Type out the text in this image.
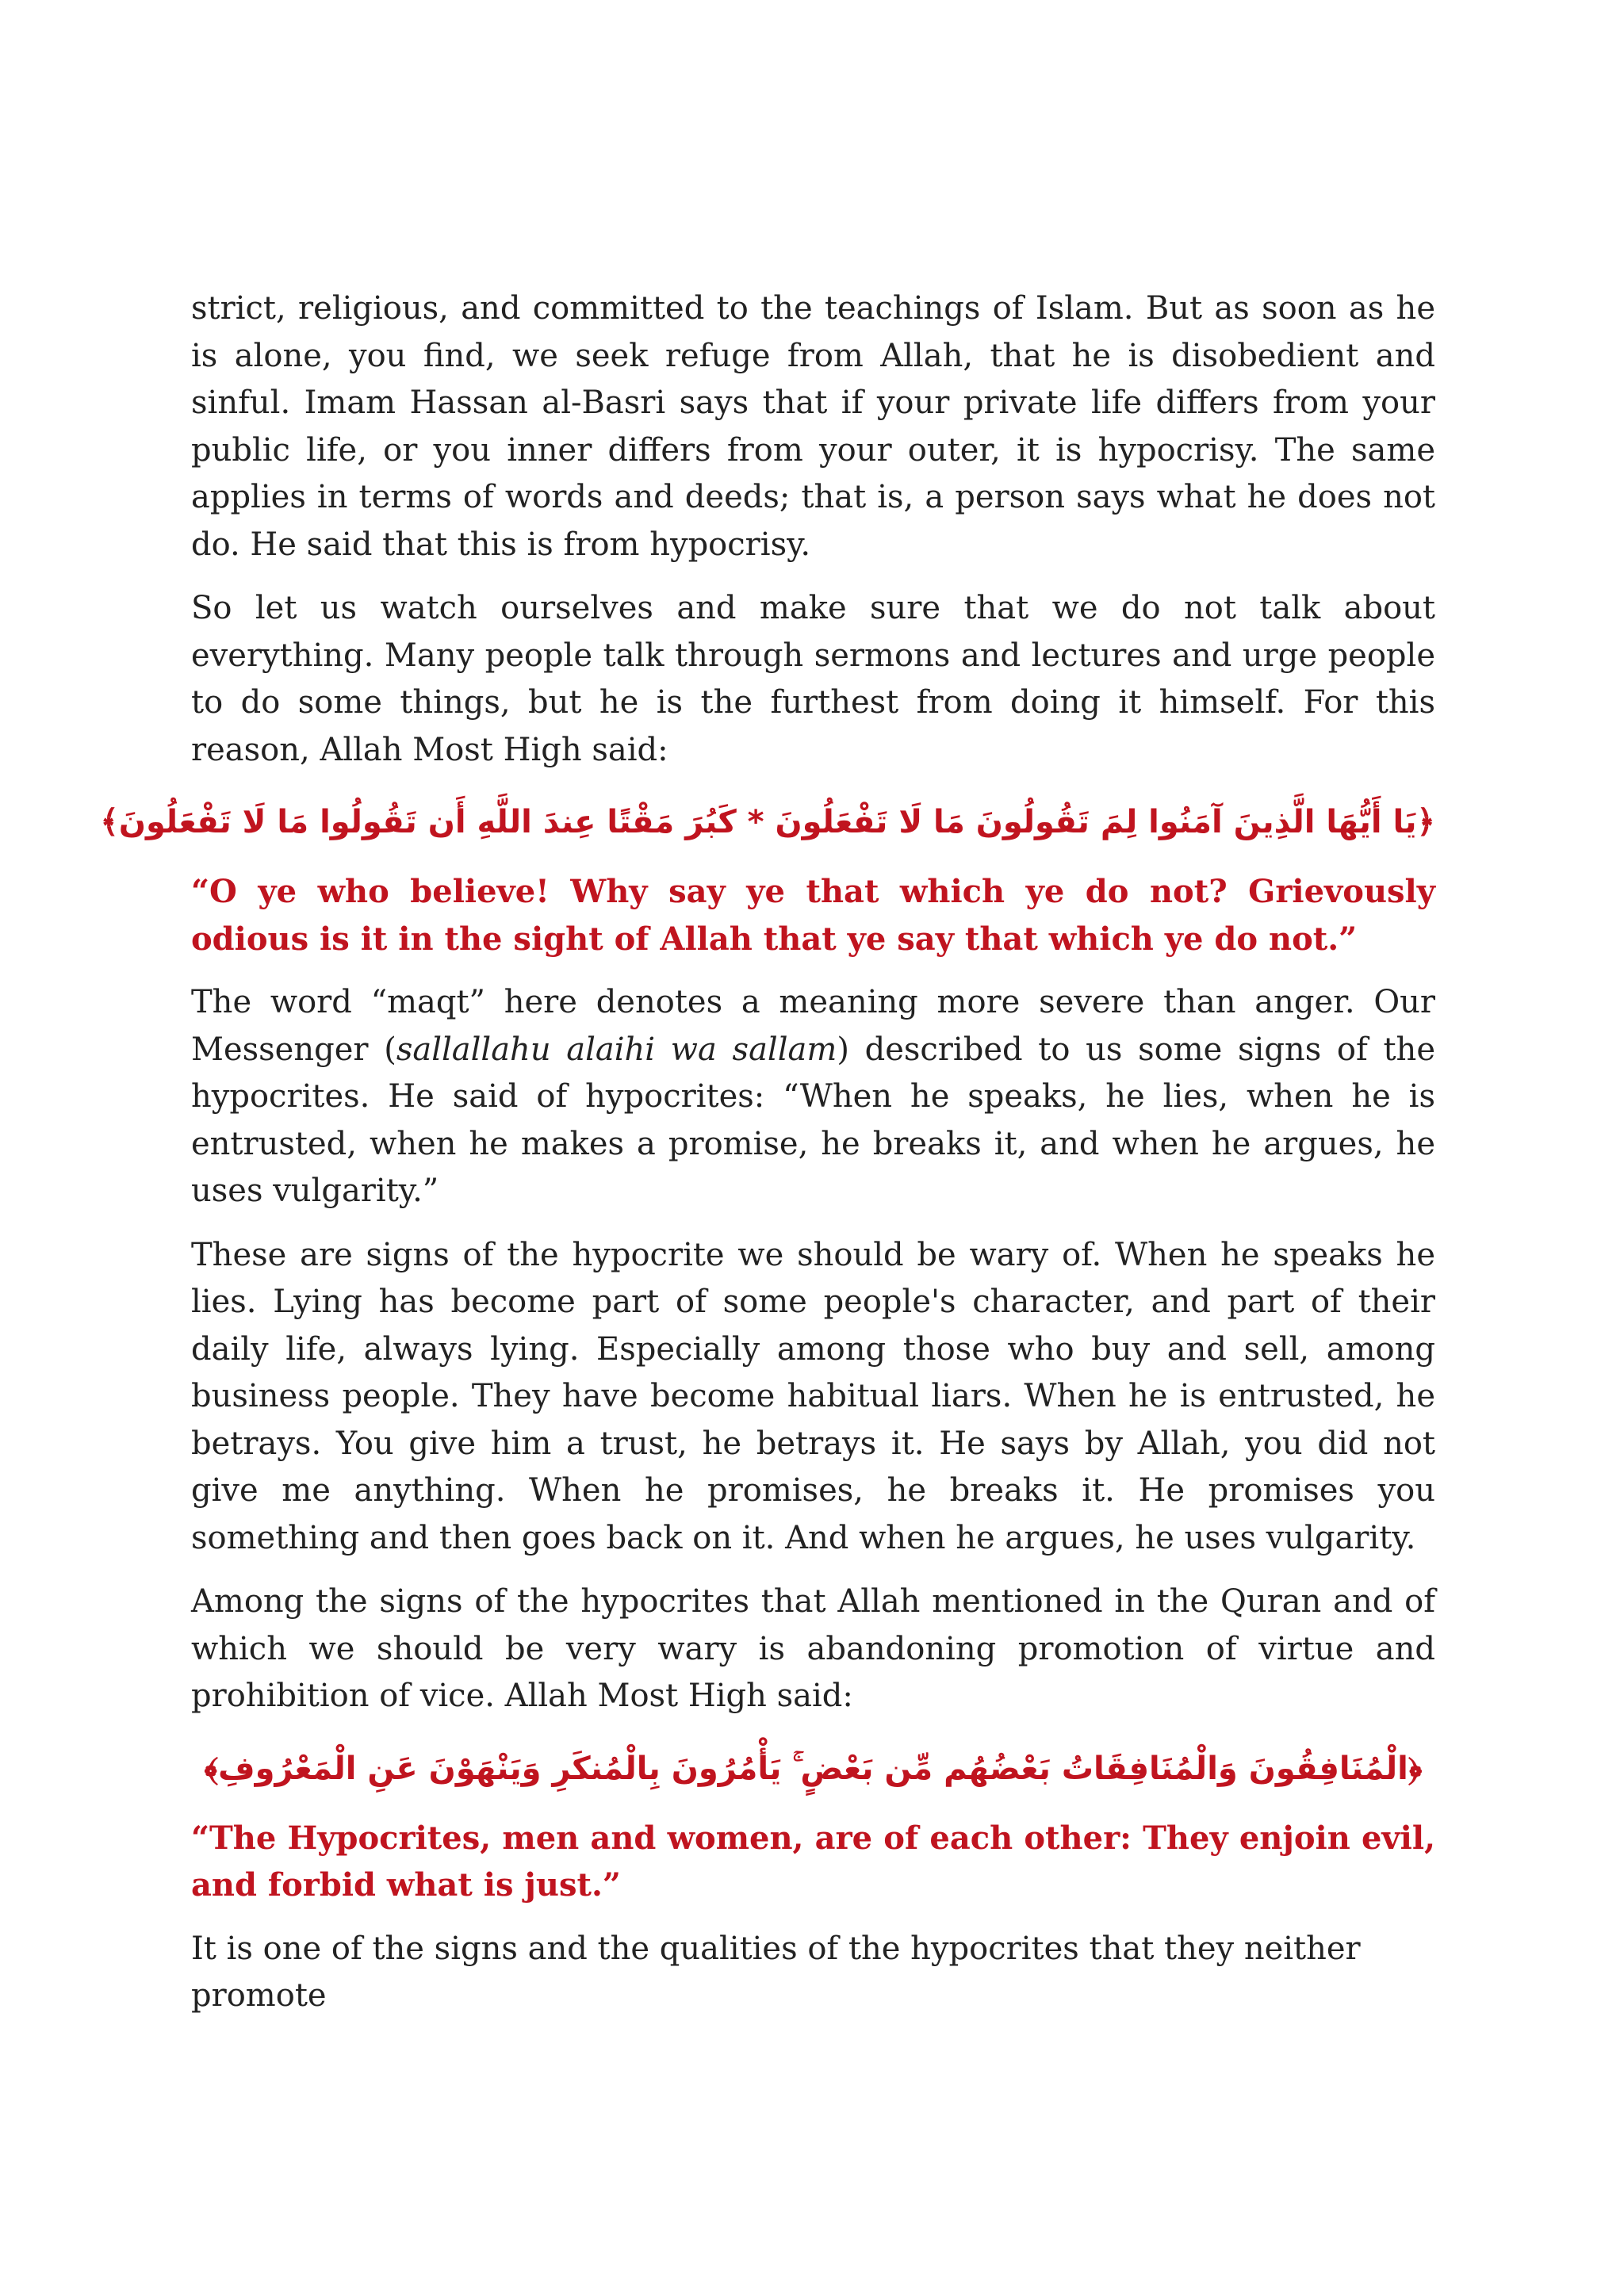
strict, religious, and committed to the teachings of Islam. But as soon as he is alone, you find, we seek refuge from Allah, that he is disobedient and sinful. Imam Hassan al-Basri says that if your private life differs from your public life, or you inner differs from your outer, it is hypocrisy. The same applies in terms of words and deeds; that is, a person says what he does not do. He said that this is from hypocrisy.

So let us watch ourselves and make sure that we do not talk about everything. Many people talk through sermons and lectures and urge people to do some things, but he is the furthest from doing it himself. For this reason, Allah Most High said:

﴿يَا أَيُّهَا الَّذِينَ آمَنُوا لِمَ تَقُولُونَ مَا لَا تَفْعَلُونَ * كَبُرَ مَقْتًا عِندَ اللَّهِ أَن تَقُولُوا مَا لَا تَفْعَلُونَ﴾

“O ye who believe! Why say ye that which ye do not? Grievously odious is it in the sight of Allah that ye say that which ye do not.”

The word “maqt” here denotes a meaning more severe than anger. Our Messenger (sallallahu alaihi wa sallam) described to us some signs of the hypocrites. He said of hypocrites: “When he speaks, he lies, when he is entrusted, when he makes a promise, he breaks it, and when he argues, he uses vulgarity.”

These are signs of the hypocrite we should be wary of. When he speaks he lies. Lying has become part of some people's character, and part of their daily life, always lying. Especially among those who buy and sell, among business people. They have become habitual liars. When he is entrusted, he betrays. You give him a trust, he betrays it. He says by Allah, you did not give me anything. When he promises, he breaks it. He promises you something and then goes back on it. And when he argues, he uses vulgarity.

Among the signs of the hypocrites that Allah mentioned in the Quran and of which we should be very wary is abandoning promotion of virtue and prohibition of vice. Allah Most High said:

﴿الْمُنَافِقُونَ وَالْمُنَافِقَاتُ بَعْضُهُم مِّن بَعْضٍ ۚ يَأْمُرُونَ بِالْمُنكَرِ وَيَنْهَوْنَ عَنِ الْمَعْرُوفِ﴾

“The Hypocrites, men and women, are of each other: They enjoin evil, and forbid what is just.”

It is one of the signs and the qualities of the hypocrites that they neither promote
